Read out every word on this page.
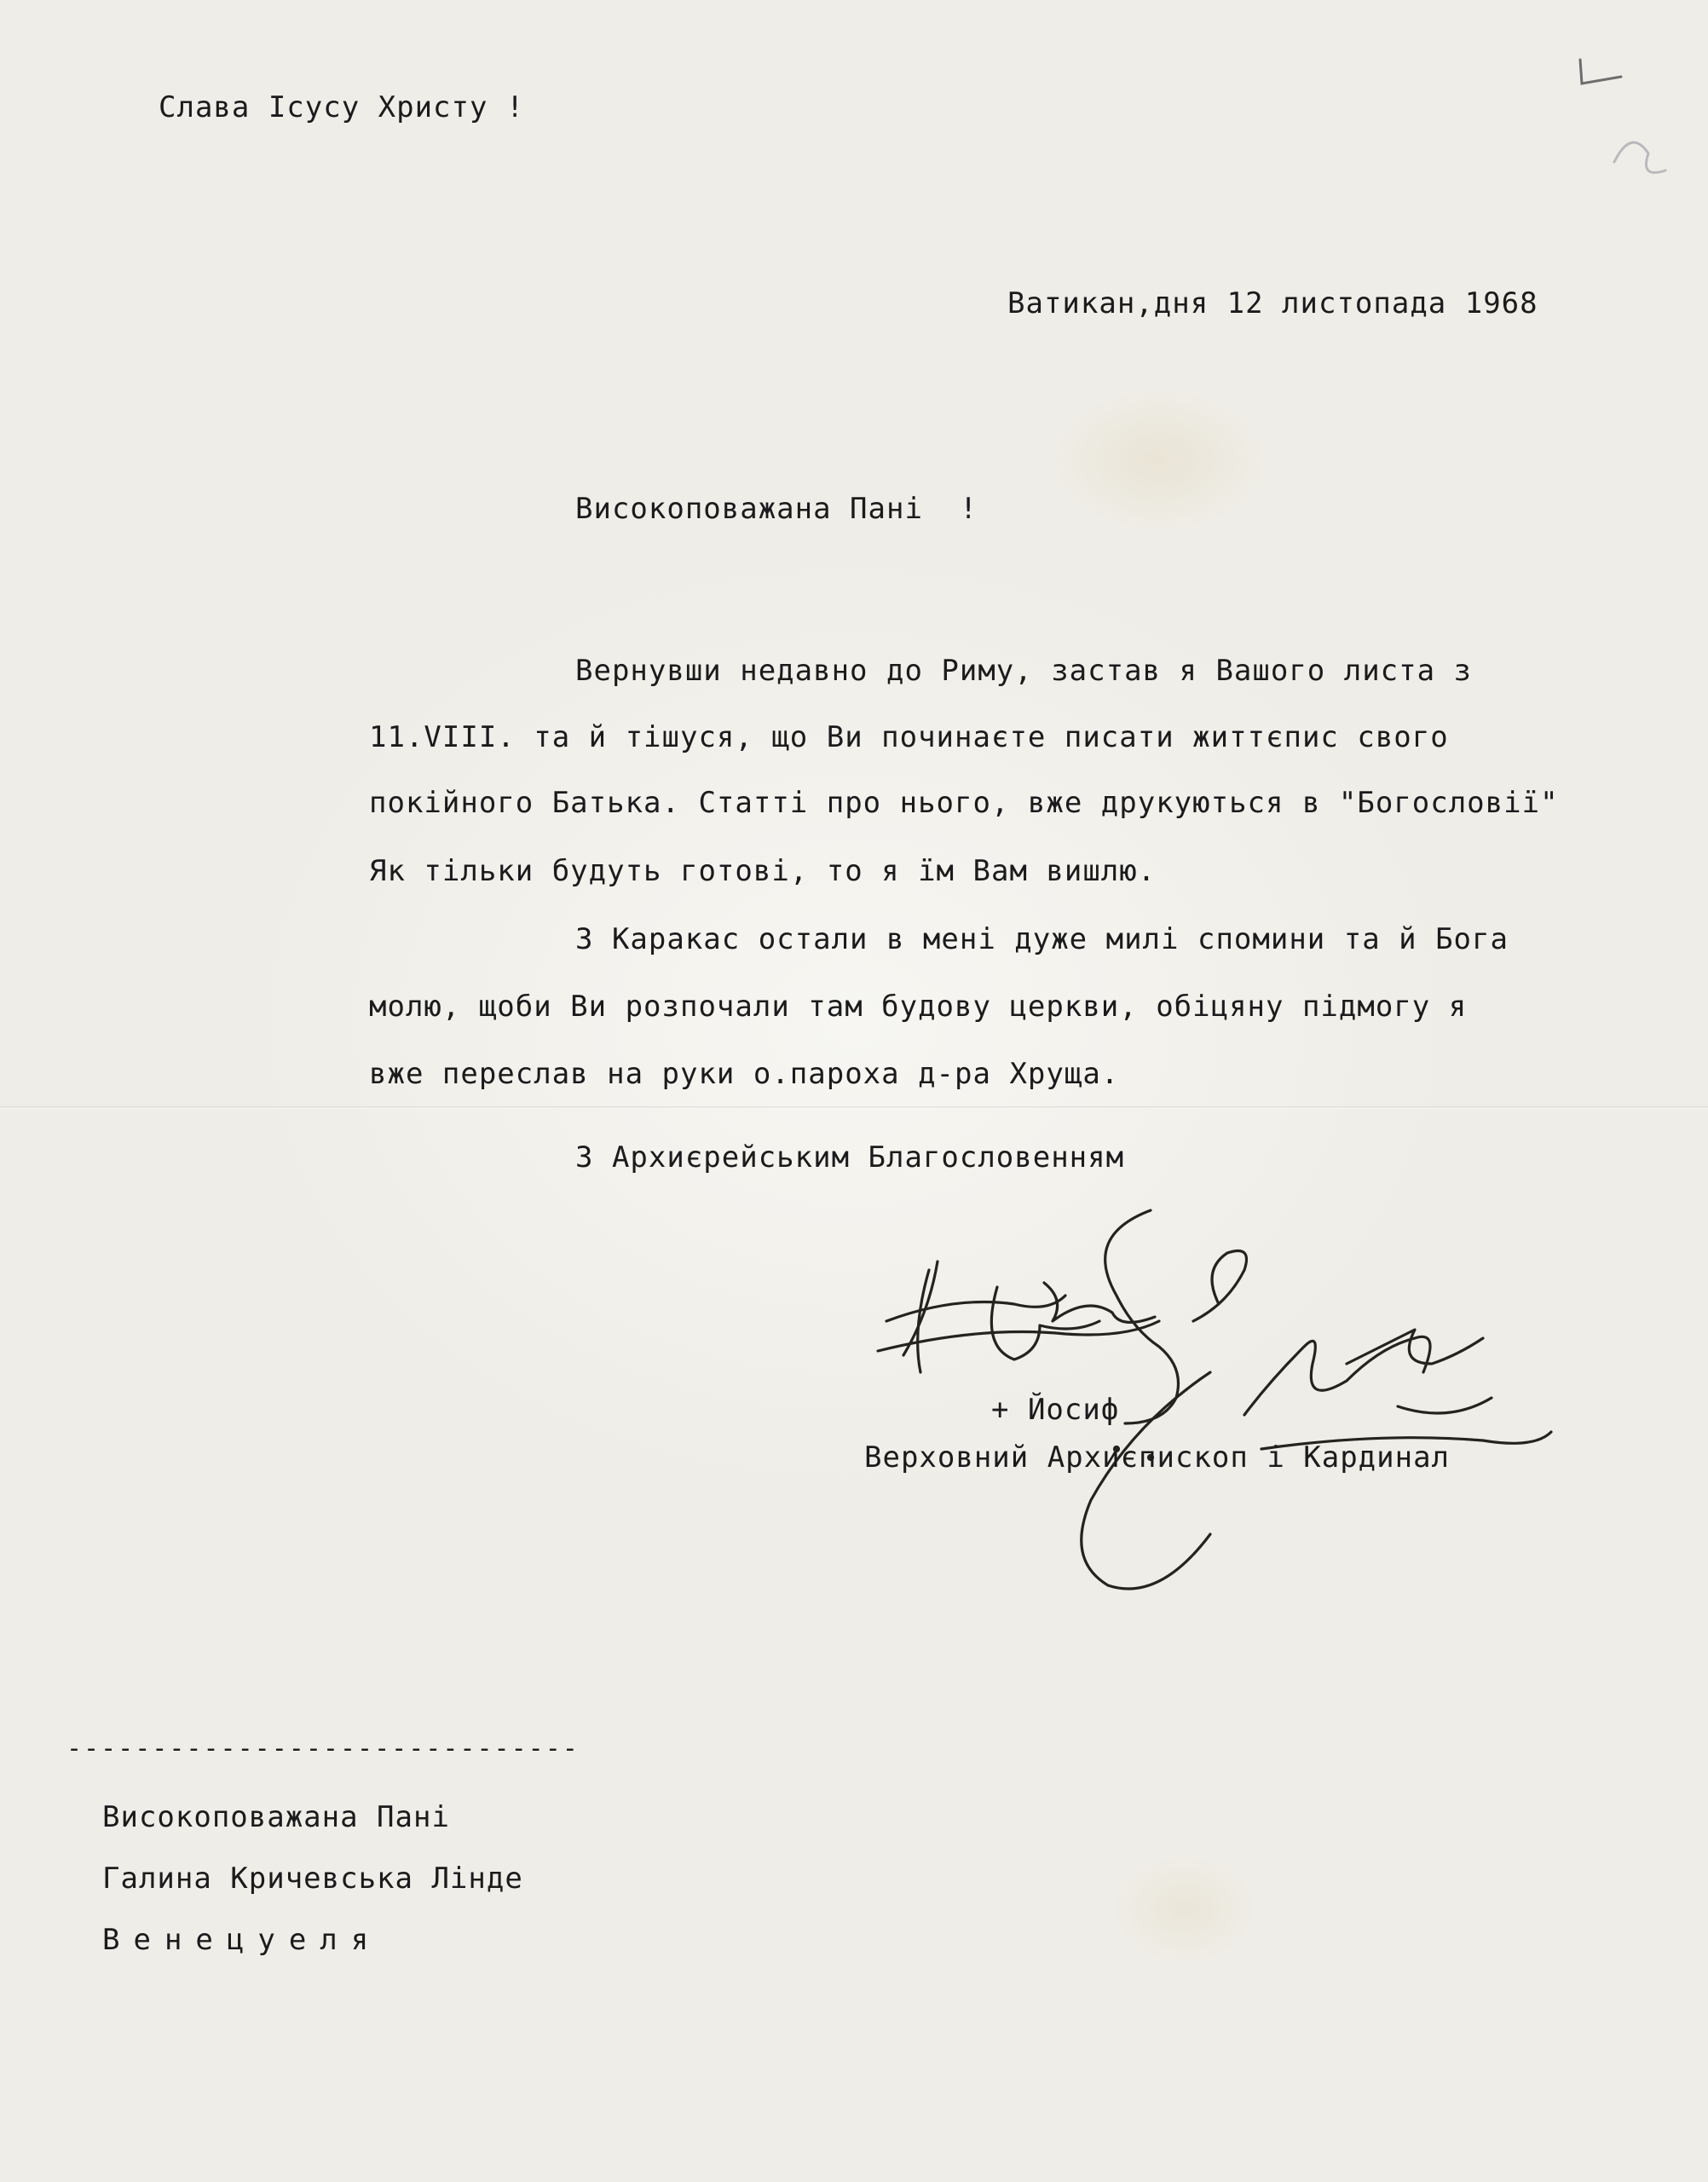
Слава Ісусу Христу !
Ватикан,дня 12 листопада 1968
Високоповажана Пані  !
Вернувши недавно до Риму, застав я Вашого листа з
11.VIII. та й тішуся, що Ви починаєте писати життєпис свого
покійного Батька. Статті про нього, вже друкуються в "Богословії"
Як тільки будуть готові, то я їм Вам вишлю.
З Каракас остали в мені дуже милі спомини та й Бога
молю, щоби Ви розпочали там будову церкви, обіцяну підмогу я
вже переслав на руки о.пароха д-ра Хруща.
З Архиєрейським Благословенням
+ Йосиф
Верховний Архиєпископ і Кардинал
------------------------------
Високоповажана Пані
Галина Кричевська Лінде
Венецуеля
